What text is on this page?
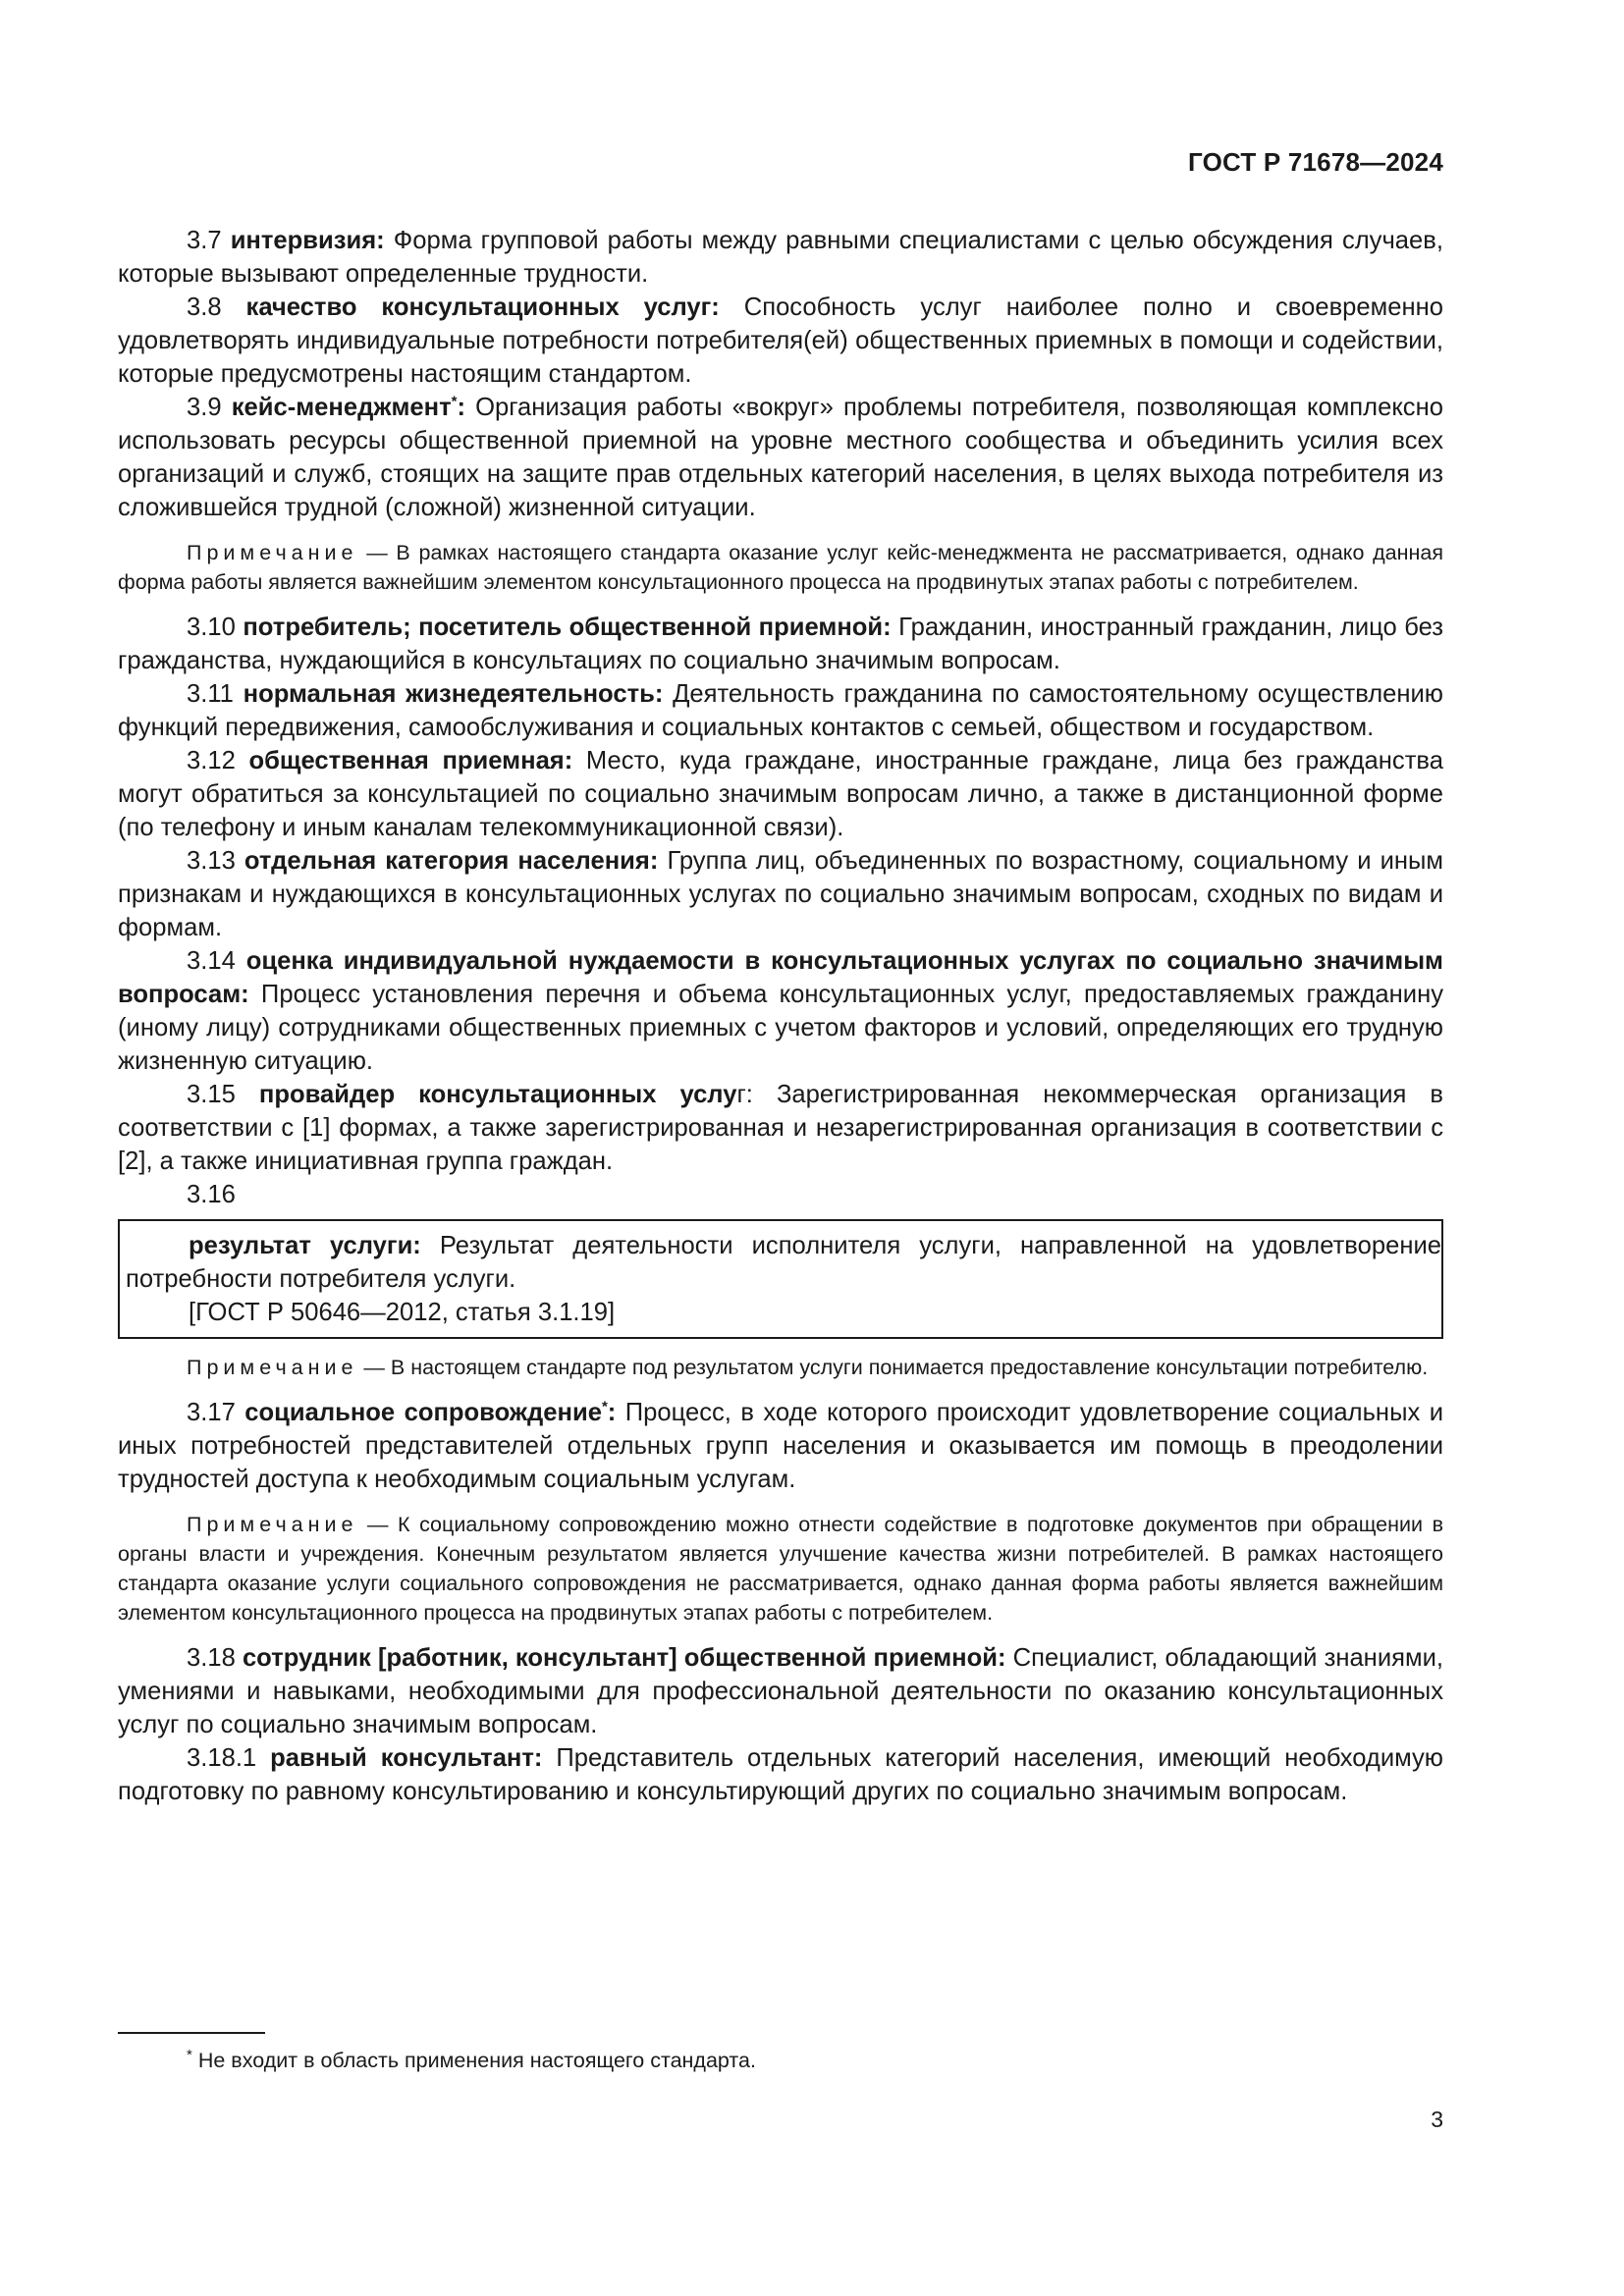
ГОСТ Р 71678—2024

3.7 интервизия: Форма групповой работы между равными специалистами с целью обсуждения случаев, которые вызывают определенные трудности.

3.8 качество консультационных услуг: Способность услуг наиболее полно и своевременно удовлетворять индивидуальные потребности потребителя(ей) общественных приемных в помощи и содействии, которые предусмотрены настоящим стандартом.

3.9 кейс-менеджмент*: Организация работы «вокруг» проблемы потребителя, позволяющая комплексно использовать ресурсы общественной приемной на уровне местного сообщества и объединить усилия всех организаций и служб, стоящих на защите прав отдельных категорий населения, в целях выхода потребителя из сложившейся трудной (сложной) жизненной ситуации.

Примечание — В рамках настоящего стандарта оказание услуг кейс-менеджмента не рассматривается, однако данная форма работы является важнейшим элементом консультационного процесса на продвинутых этапах работы с потребителем.

3.10 потребитель; посетитель общественной приемной: Гражданин, иностранный гражданин, лицо без гражданства, нуждающийся в консультациях по социально значимым вопросам.

3.11 нормальная жизнедеятельность: Деятельность гражданина по самостоятельному осуществлению функций передвижения, самообслуживания и социальных контактов с семьей, обществом и государством.

3.12 общественная приемная: Место, куда граждане, иностранные граждане, лица без гражданства могут обратиться за консультацией по социально значимым вопросам лично, а также в дистанционной форме (по телефону и иным каналам телекоммуникационной связи).

3.13 отдельная категория населения: Группа лиц, объединенных по возрастному, социальному и иным признакам и нуждающихся в консультационных услугах по социально значимым вопросам, сходных по видам и формам.

3.14 оценка индивидуальной нуждаемости в консультационных услугах по социально значимым вопросам: Процесс установления перечня и объема консультационных услуг, предоставляемых гражданину (иному лицу) сотрудниками общественных приемных с учетом факторов и условий, определяющих его трудную жизненную ситуацию.

3.15 провайдер консультационных услуг: Зарегистрированная некоммерческая организация в соответствии с [1] формах, а также зарегистрированная и незарегистрированная организация в соответствии с [2], а также инициативная группа граждан.

3.16

результат услуги: Результат деятельности исполнителя услуги, направленной на удовлетворение потребности потребителя услуги.

[ГОСТ Р 50646—2012, статья 3.1.19]

Примечание — В настоящем стандарте под результатом услуги понимается предоставление консультации потребителю.

3.17 социальное сопровождение*: Процесс, в ходе которого происходит удовлетворение социальных и иных потребностей представителей отдельных групп населения и оказывается им помощь в преодолении трудностей доступа к необходимым социальным услугам.

Примечание — К социальному сопровождению можно отнести содействие в подготовке документов при обращении в органы власти и учреждения. Конечным результатом является улучшение качества жизни потребителей. В рамках настоящего стандарта оказание услуги социального сопровождения не рассматривается, однако данная форма работы является важнейшим элементом консультационного процесса на продвинутых этапах работы с потребителем.

3.18 сотрудник [работник, консультант] общественной приемной: Специалист, обладающий знаниями, умениями и навыками, необходимыми для профессиональной деятельности по оказанию консультационных услуг по социально значимым вопросам.

3.18.1 равный консультант: Представитель отдельных категорий населения, имеющий необходимую подготовку по равному консультированию и консультирующий других по социально значимым вопросам.

* Не входит в область применения настоящего стандарта.
3
